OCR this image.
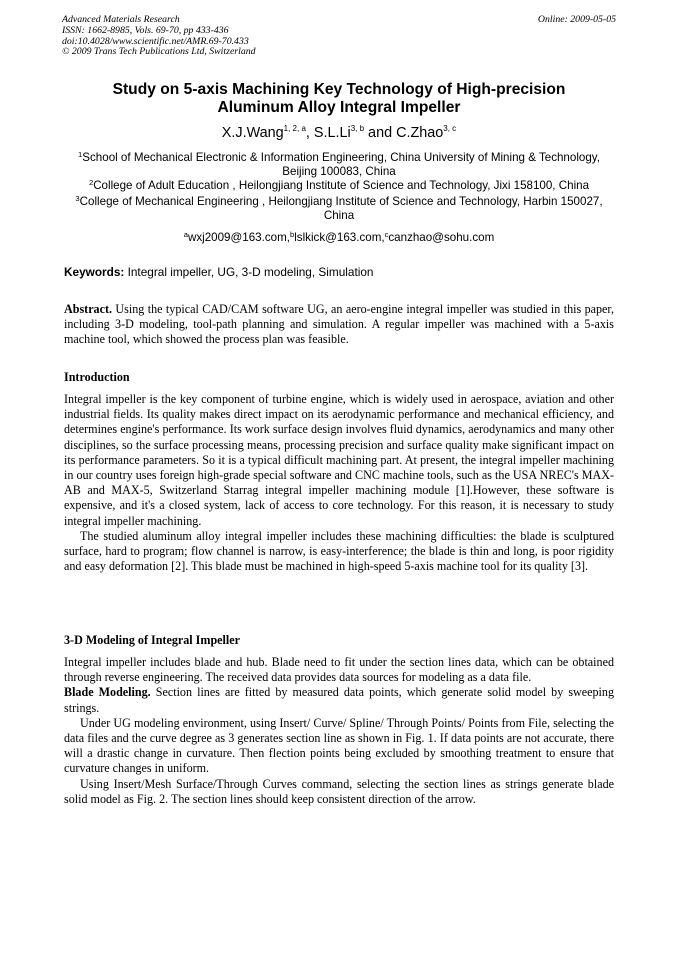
Advanced Materials Research
ISSN: 1662-8985, Vols. 69-70, pp 433-436
doi:10.4028/www.scientific.net/AMR.69-70.433
© 2009 Trans Tech Publications Ltd, Switzerland
Online: 2009-05-05
Study on 5-axis Machining Key Technology of High-precision
Aluminum Alloy Integral Impeller
X.J.Wang$^{1, 2, a}$, S.L.Li$^{3, b}$ and C.Zhao$^{3, c}$
$^1$School of Mechanical Electronic & Information Engineering, China University of Mining & Technology, Beijing 100083, China
$^2$College of Adult Education , Heilongjiang Institute of Science and Technology, Jixi 158100, China
$^3$College of Mechanical Engineering , Heilongjiang Institute of Science and Technology, Harbin 150027, China
$^a$wxj2009@163.com,$^b$lslkick@163.com,$^c$canzhao@sohu.com
Keywords: Integral impeller, UG, 3-D modeling, Simulation

Abstract. Using the typical CAD/CAM software UG, an aero-engine integral impeller was studied in this paper, including 3-D modeling, tool-path planning and simulation. A regular impeller was machined with a 5-axis machine tool, which showed the process plan was feasible.

Introduction

Integral impeller is the key component of turbine engine, which is widely used in aerospace, aviation and other industrial fields. Its quality makes direct impact on its aerodynamic performance and mechanical efficiency, and determines engine's performance. Its work surface design involves fluid dynamics, aerodynamics and many other disciplines, so the surface processing means, processing precision and surface quality make significant impact on its performance parameters. So it is a typical difficult machining part. At present, the integral impeller machining in our country uses foreign high-grade special software and CNC machine tools, such as the USA NREC's MAX-AB and MAX-5, Switzerland Starrag integral impeller machining module [1].However, these software is expensive, and it's a closed system, lack of access to core technology. For this reason, it is necessary to study integral impeller machining.

The studied aluminum alloy integral impeller includes these machining difficulties: the blade is sculptured surface, hard to program; flow channel is narrow, is easy-interference; the blade is thin and long, is poor rigidity and easy deformation [2]. This blade must be machined in high-speed 5-axis machine tool for its quality [3].

3-D Modeling of Integral Impeller

Integral impeller includes blade and hub. Blade need to fit under the section lines data, which can be obtained through reverse engineering. The received data provides data sources for modeling as a data file.

Blade Modeling. Section lines are fitted by measured data points, which generate solid model by sweeping strings.

Under UG modeling environment, using Insert/ Curve/ Spline/ Through Points/ Points from File, selecting the data files and the curve degree as 3 generates section line as shown in Fig. 1. If data points are not accurate, there will a drastic change in curvature. Then flection points being excluded by smoothing treatment to ensure that curvature changes in uniform.

Using Insert/Mesh Surface/Through Curves command, selecting the section lines as strings generate blade solid model as Fig. 2. The section lines should keep consistent direction of the arrow.
